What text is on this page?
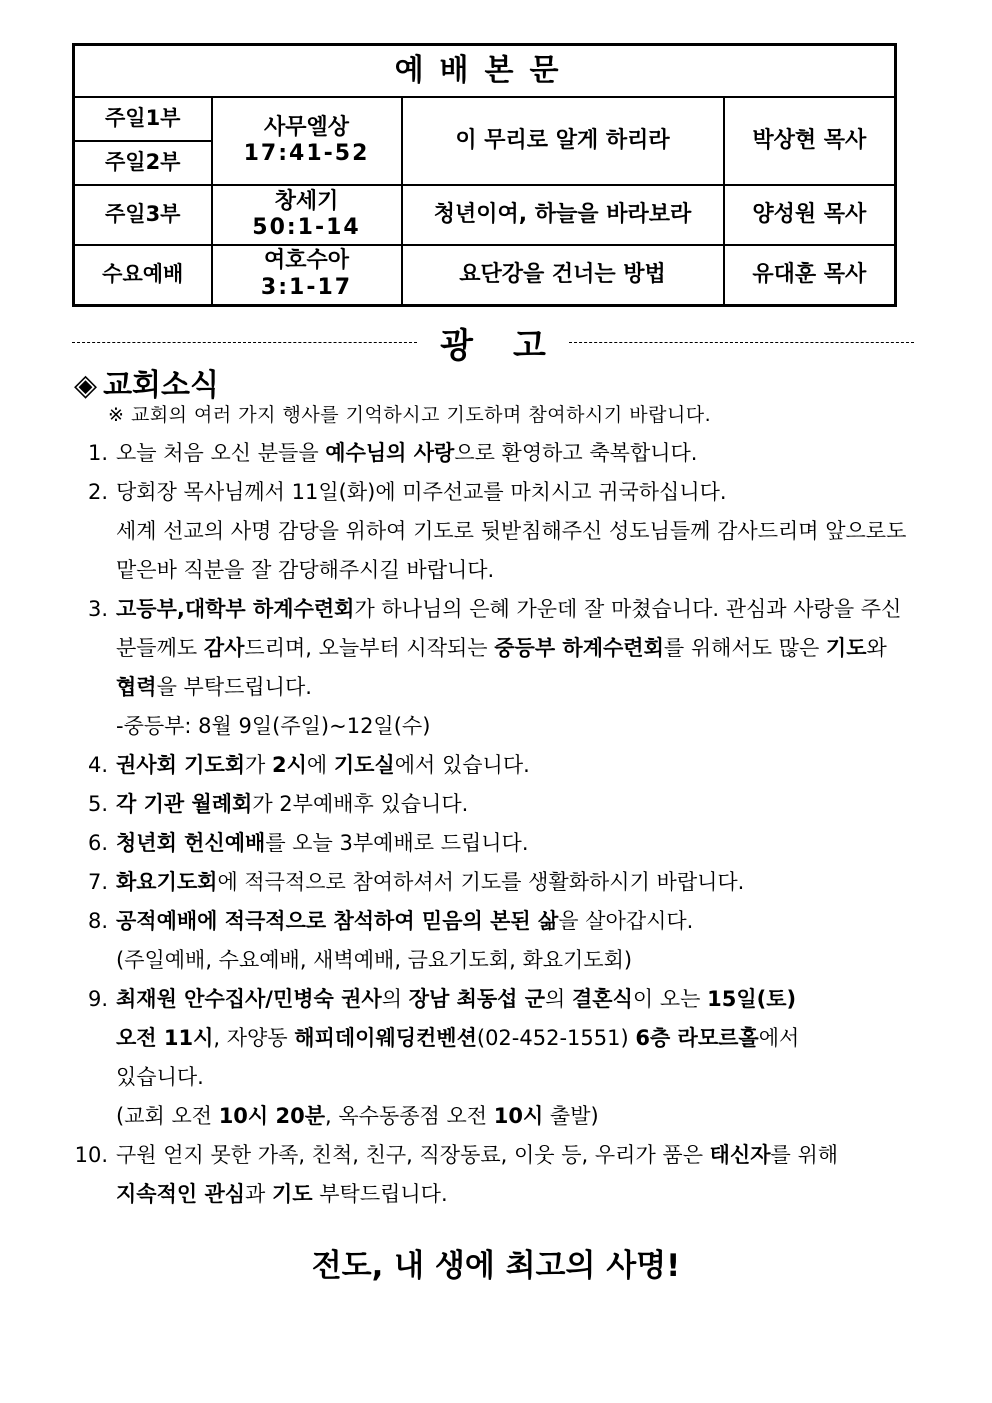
예배본문			
주일1부	사무엘상
17:41-52	이 무리로 알게 하리라	박상현 목사
주일2부			
주일3부	창세기
50:1-14	청년이여, 하늘을 바라보라	양성원 목사
수요예배	여호수아
3:1-17	요단강을 건너는 방법	유대훈 목사
광고
◈ 교회소식
※ 교회의 여러 가지 행사를 기억하시고 기도하며 참여하시기 바랍니다.
1. 오늘 처음 오신 분들을 예수님의 사랑으로 환영하고 축복합니다.
2. 당회장 목사님께서 11일(화)에 미주선교를 마치시고 귀국하십니다.
세계 선교의 사명 감당을 위하여 기도로 뒷받침해주신 성도님들께 감사드리며 앞으로도
맡은바 직분을 잘 감당해주시길 바랍니다.
3. 고등부,대학부 하계수련회가 하나님의 은혜 가운데 잘 마쳤습니다. 관심과 사랑을 주신
분들께도 감사드리며, 오늘부터 시작되는 중등부 하계수련회를 위해서도 많은 기도와
협력을 부탁드립니다.
-중등부: 8월 9일(주일)~12일(수)
4. 권사회 기도회가 2시에 기도실에서 있습니다.
5. 각 기관 월례회가 2부예배후 있습니다.
6. 청년회 헌신예배를 오늘 3부예배로 드립니다.
7. 화요기도회에 적극적으로 참여하셔서 기도를 생활화하시기 바랍니다.
8. 공적예배에 적극적으로 참석하여 믿음의 본된 삶을 살아갑시다.
(주일예배, 수요예배, 새벽예배, 금요기도회, 화요기도회)
9. 최재원 안수집사/민병숙 권사의 장남 최동섭 군의 결혼식이 오는 15일(토)
오전 11시, 자양동 해피데이웨딩컨벤션(02-452-1551) 6층 라모르홀에서
있습니다.
(교회 오전 10시 20분, 옥수동종점 오전 10시 출발)
10. 구원 얻지 못한 가족, 친척, 친구, 직장동료, 이웃 등, 우리가 품은 태신자를 위해
지속적인 관심과 기도 부탁드립니다.
전도, 내 생에 최고의 사명!
